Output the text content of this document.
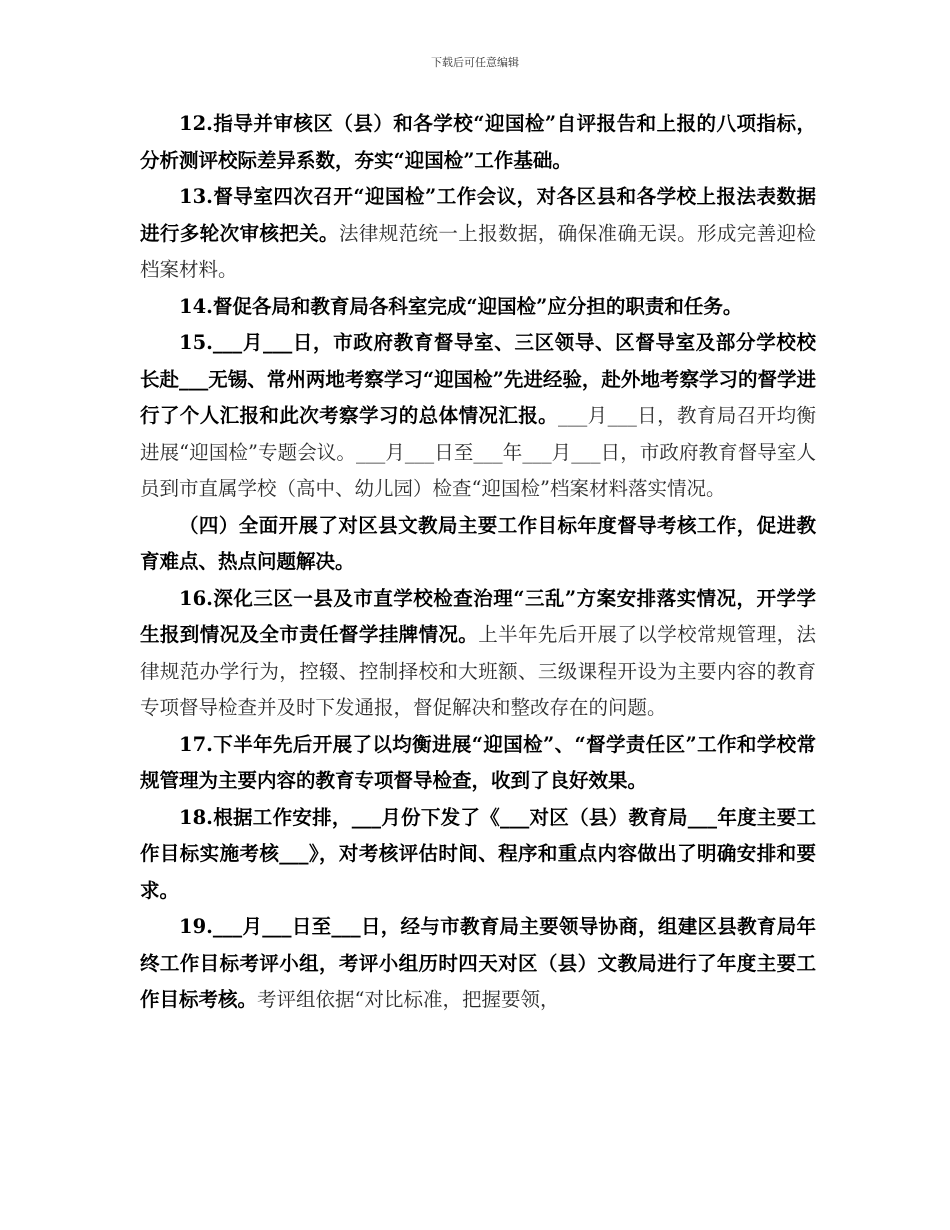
下载后可任意编辑

12.指导并审核区（县）和各学校“迎国检”自评报告和上报的八项指标，分析测评校际差异系数，夯实“迎国检”工作基础。

13.督导室四次召开“迎国检”工作会议，对各区县和各学校上报法表数据进行多轮次审核把关。法律规范统一上报数据，确保准确无误。形成完善迎检档案材料。

14.督促各局和教育局各科室完成“迎国检”应分担的职责和任务。

15.___月___日，市政府教育督导室、三区领导、区督导室及部分学校校长赴___无锡、常州两地考察学习“迎国检”先进经验，赴外地考察学习的督学进行了个人汇报和此次考察学习的总体情况汇报。___月___日，教育局召开均衡进展“迎国检”专题会议。___月___日至___年___月___日，市政府教育督导室人员到市直属学校（高中、幼儿园）检查“迎国检”档案材料落实情况。

（四）全面开展了对区县文教局主要工作目标年度督导考核工作，促进教育难点、热点问题解决。

16.深化三区一县及市直学校检查治理“三乱”方案安排落实情况，开学学生报到情况及全市责任督学挂牌情况。上半年先后开展了以学校常规管理，法律规范办学行为，控辍、控制择校和大班额、三级课程开设为主要内容的教育专项督导检查并及时下发通报，督促解决和整改存在的问题。

17.下半年先后开展了以均衡进展“迎国检”、“督学责任区”工作和学校常规管理为主要内容的教育专项督导检查，收到了良好效果。

18.根据工作安排，___月份下发了《___对区（县）教育局___年度主要工作目标实施考核___》，对考核评估时间、程序和重点内容做出了明确安排和要求。

19.___月___日至___日，经与市教育局主要领导协商，组建区县教育局年终工作目标考评小组，考评小组历时四天对区（县）文教局进行了年度主要工作目标考核。考评组依据“对比标准，把握要领，
